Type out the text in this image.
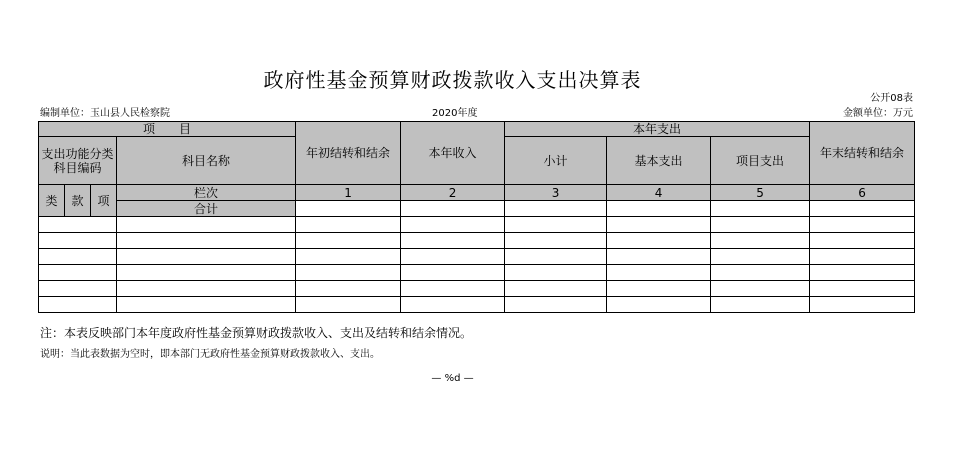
政府性基金预算财政拨款收入支出决算表
公开08表
编制单位：玉山县人民检察院	2020年度	金额单位：万元
项　　目				年初结转和结余	本年收入	本年支出			年末结转和结余
支出功能分类科目编码			科目名称			小计	基本支出	项目支出	

类	款	项	栏次	1	2	3	4	5	6
			合计						

注：本表反映部门本年度政府性基金预算财政拨款收入、支出及结转和结余情况。
说明：当此表数据为空时，即本部门无政府性基金预算财政拨款收入、支出。
— %d —
